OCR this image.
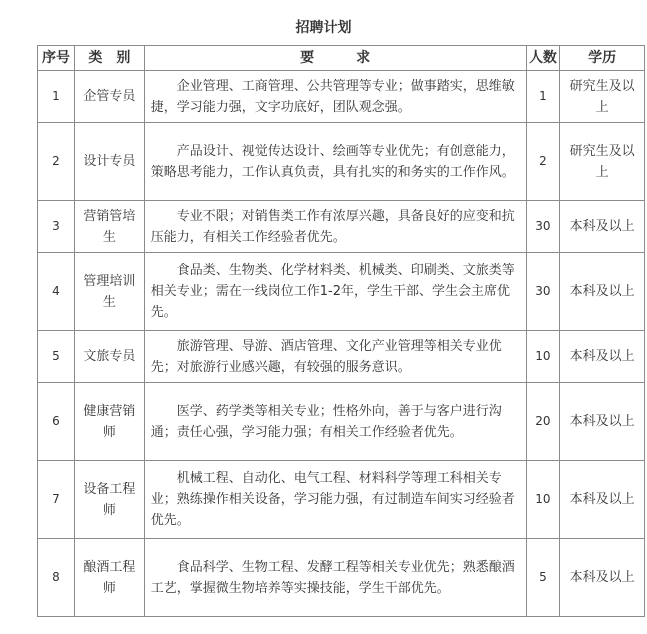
招聘计划
序号	类　别	要　　　求	人数	学历
1	企管专员	企业管理、工商管理、公共管理等专业；做事踏实，思维敏捷，学习能力强，文字功底好，团队观念强。	1	研究生及以上
2	设计专员	产品设计、视觉传达设计、绘画等专业优先；有创意能力，策略思考能力，工作认真负责，具有扎实的和务实的工作作风。	2	研究生及以上
3	营销管培生	专业不限；对销售类工作有浓厚兴趣，具备良好的应变和抗压能力，有相关工作经验者优先。	30	本科及以上
4	管理培训生	食品类、生物类、化学材料类、机械类、印刷类、文旅类等相关专业；需在一线岗位工作1-2年，学生干部、学生会主席优先。	30	本科及以上
5	文旅专员	旅游管理、导游、酒店管理、文化产业管理等相关专业优先；对旅游行业感兴趣，有较强的服务意识。	10	本科及以上
6	健康营销师	医学、药学类等相关专业；性格外向，善于与客户进行沟通；责任心强，学习能力强；有相关工作经验者优先。	20	本科及以上
7	设备工程师	机械工程、自动化、电气工程、材料科学等理工科相关专业；熟练操作相关设备，学习能力强，有过制造车间实习经验者优先。	10	本科及以上
8	酿酒工程师	食品科学、生物工程、发酵工程等相关专业优先；熟悉酿酒工艺，掌握微生物培养等实操技能，学生干部优先。	5	本科及以上
